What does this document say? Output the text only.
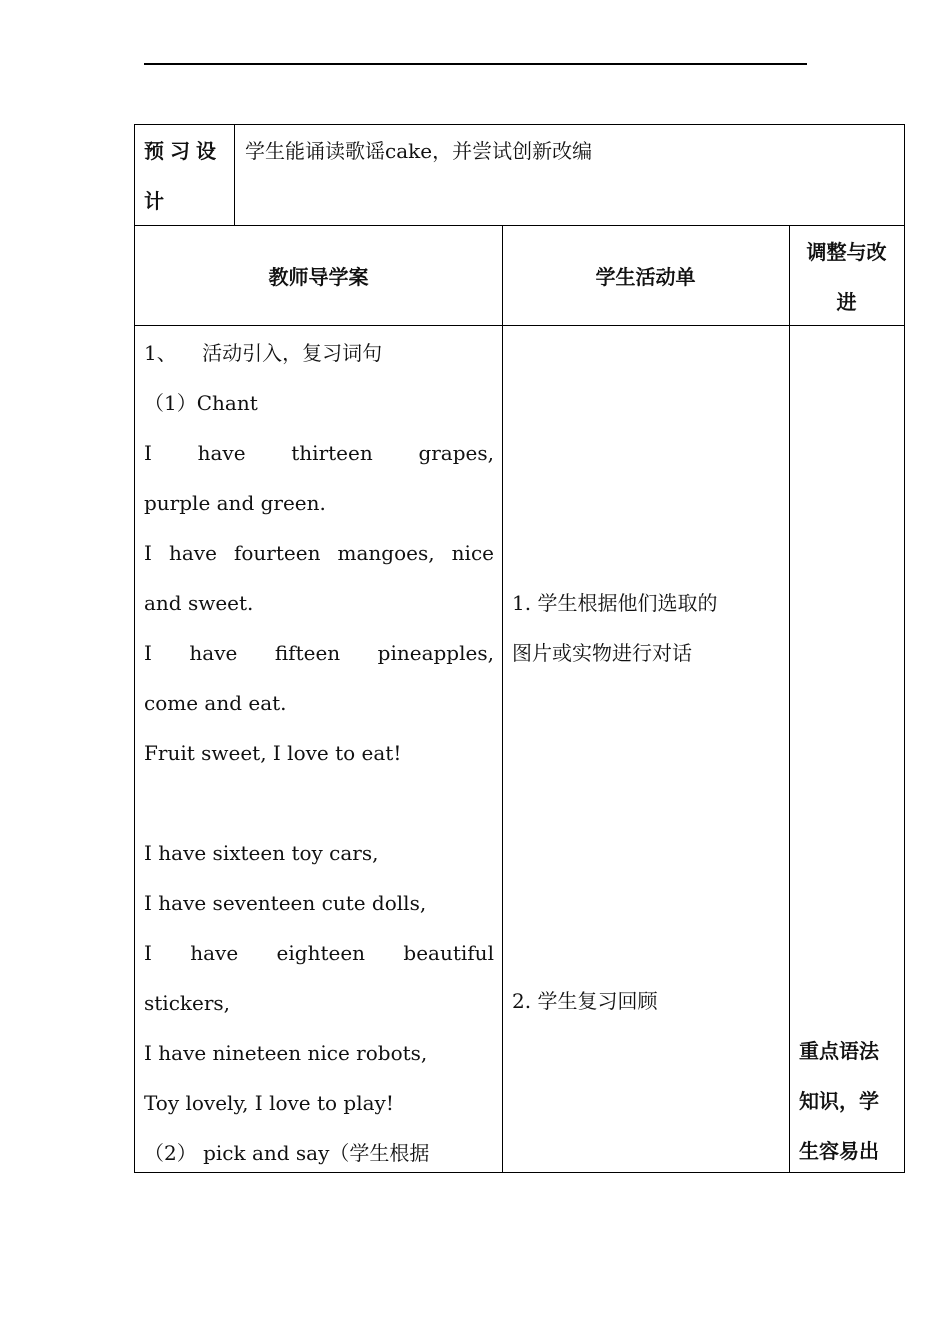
预习设计
学生能诵读歌谣cake，并尝试创新改编
教师导学案	学生活动单
调整与改
进
1、    活动引入，复习词句
（1）Chant
I have thirteen grapes,
purple and green.
I have fourteen mangoes, nice
and sweet.
I have fifteen pineapples,
come and eat.
Fruit sweet, I love to eat!
I have sixteen toy cars,
I have seventeen cute dolls,
I have eighteen beautiful
stickers,
I have nineteen nice robots,
Toy lovely, I love to play!
（2） pick and say（学生根据
1. 学生根据他们选取的
图片或实物进行对话
2. 学生复习回顾
重点语法
知识，学
生容易出
